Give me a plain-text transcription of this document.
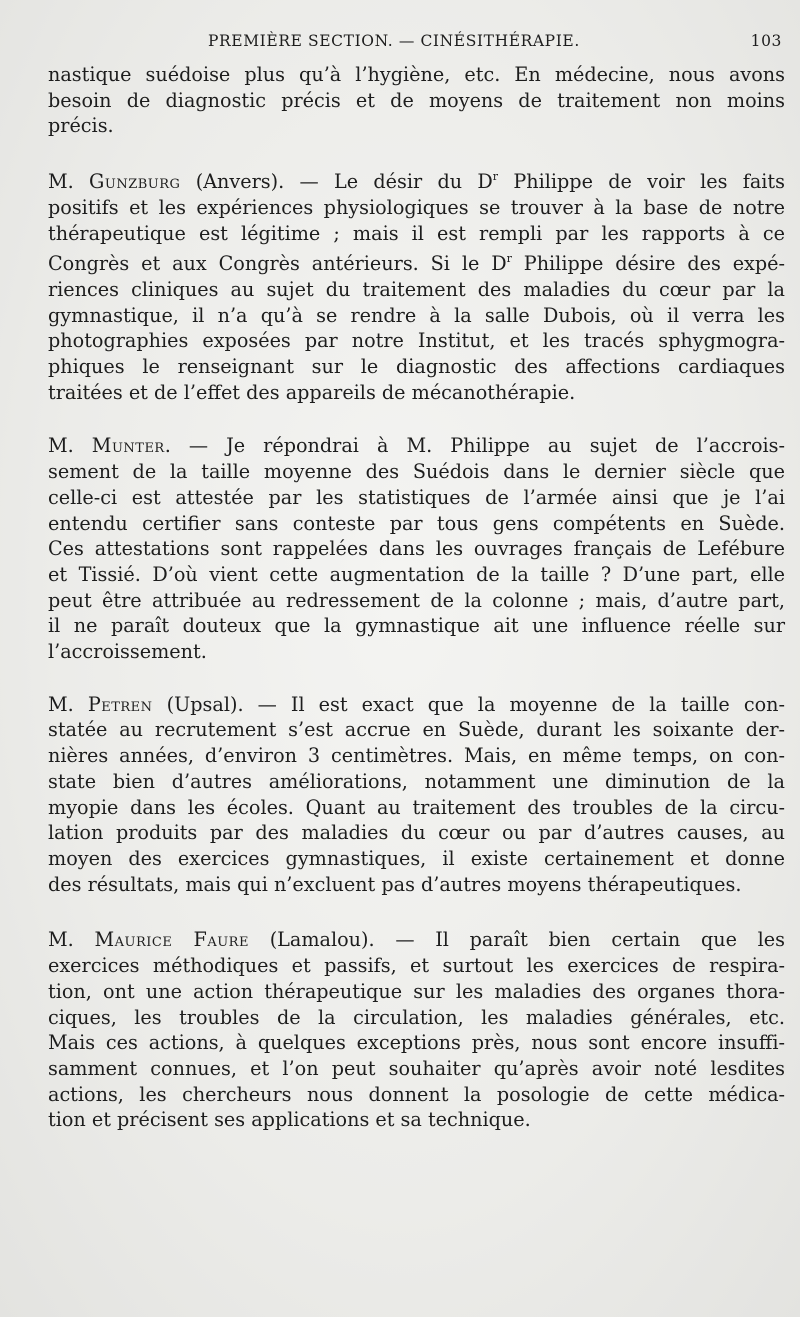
PREMIÈRE SECTION. — CINÉSITHÉRAPIE.	103
nastique suédoise plus qu’à l’hygiène, etc. En médecine, nous avons
besoin de diagnostic précis et de moyens de traitement non moins
précis.
M. Gunzburg (Anvers). — Le désir du $D^r$ Philippe de voir les faits
positifs et les expériences physiologiques se trouver à la base de notre
thérapeutique est légitime ; mais il est rempli par les rapports à ce
Congrès et aux Congrès antérieurs. Si le $D^r$ Philippe désire des expé-
riences cliniques au sujet du traitement des maladies du cœur par la
gymnastique, il n’a qu’à se rendre à la salle Dubois, où il verra les
photographies exposées par notre Institut, et les tracés sphygmogra-
phiques le renseignant sur le diagnostic des affections cardiaques
traitées et de l’effet des appareils de mécanothérapie.
M. Munter. — Je répondrai à M. Philippe au sujet de l’accrois-
sement de la taille moyenne des Suédois dans le dernier siècle que
celle-ci est attestée par les statistiques de l’armée ainsi que je l’ai
entendu certifier sans conteste par tous gens compétents en Suède.
Ces attestations sont rappelées dans les ouvrages français de Lefébure
et Tissié. D’où vient cette augmentation de la taille ? D’une part, elle
peut être attribuée au redressement de la colonne ; mais, d’autre part,
il ne paraît douteux que la gymnastique ait une influence réelle sur
l’accroissement.
M. Petren (Upsal). — Il est exact que la moyenne de la taille con-
statée au recrutement s’est accrue en Suède, durant les soixante der-
nières années, d’environ 3 centimètres. Mais, en même temps, on con-
state bien d’autres améliorations, notamment une diminution de la
myopie dans les écoles. Quant au traitement des troubles de la circu-
lation produits par des maladies du cœur ou par d’autres causes, au
moyen des exercices gymnastiques, il existe certainement et donne
des résultats, mais qui n’excluent pas d’autres moyens thérapeutiques.
M. Maurice Faure (Lamalou). — Il paraît bien certain que les
exercices méthodiques et passifs, et surtout les exercices de respira-
tion, ont une action thérapeutique sur les maladies des organes thora-
ciques, les troubles de la circulation, les maladies générales, etc.
Mais ces actions, à quelques exceptions près, nous sont encore insuffi-
samment connues, et l’on peut souhaiter qu’après avoir noté lesdites
actions, les chercheurs nous donnent la posologie de cette médica-
tion et précisent ses applications et sa technique.
